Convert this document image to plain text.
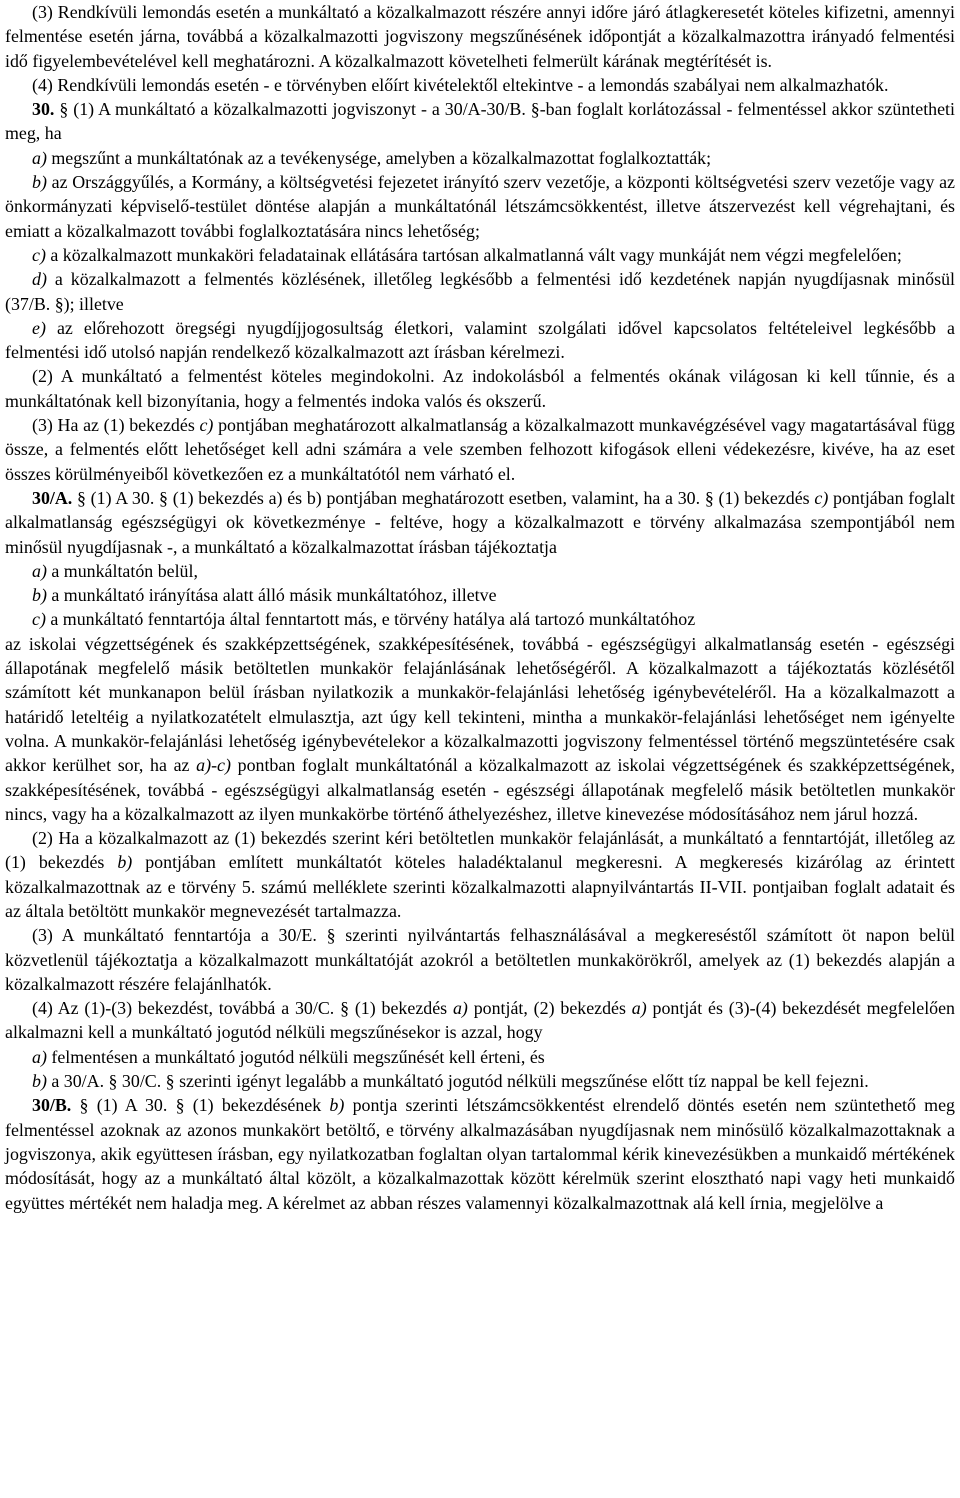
(3) Rendkívüli lemondás esetén a munkáltató a közalkalmazott részére annyi időre járó átlagkeresetét köteles kifizetni, amennyi felmentése esetén járna, továbbá a közalkalmazotti jogviszony megszűnésének időpontját a közalkalmazottra irányadó felmentési idő figyelembevételével kell meghatározni. A közalkalmazott követelheti felmerült kárának megtérítését is.

(4) Rendkívüli lemondás esetén - e törvényben előírt kivételektől eltekintve - a lemondás szabályai nem alkalmazhatók.

30. § (1) A munkáltató a közalkalmazotti jogviszonyt - a 30/A-30/B. §-ban foglalt korlátozással - felmentéssel akkor szüntetheti meg, ha

a) megszűnt a munkáltatónak az a tevékenysége, amelyben a közalkalmazottat foglalkoztatták;

b) az Országgyűlés, a Kormány, a költségvetési fejezetet irányító szerv vezetője, a központi költségvetési szerv vezetője vagy az önkormányzati képviselő-testület döntése alapján a munkáltatónál létszámcsökkentést, illetve átszervezést kell végrehajtani, és emiatt a közalkalmazott további foglalkoztatására nincs lehetőség;

c) a közalkalmazott munkaköri feladatainak ellátására tartósan alkalmatlanná vált vagy munkáját nem végzi megfelelően;

d) a közalkalmazott a felmentés közlésének, illetőleg legkésőbb a felmentési idő kezdetének napján nyugdíjasnak minősül (37/B. §); illetve

e) az előrehozott öregségi nyugdíjjogosultság életkori, valamint szolgálati idővel kapcsolatos feltételeivel legkésőbb a felmentési idő utolsó napján rendelkező közalkalmazott azt írásban kérelmezi.

(2) A munkáltató a felmentést köteles megindokolni. Az indokolásból a felmentés okának világosan ki kell tűnnie, és a munkáltatónak kell bizonyítania, hogy a felmentés indoka valós és okszerű.

(3) Ha az (1) bekezdés c) pontjában meghatározott alkalmatlanság a közalkalmazott munkavégzésével vagy magatartásával függ össze, a felmentés előtt lehetőséget kell adni számára a vele szemben felhozott kifogások elleni védekezésre, kivéve, ha az eset összes körülményeiből következően ez a munkáltatótól nem várható el.

30/A. § (1) A 30. § (1) bekezdés a) és b) pontjában meghatározott esetben, valamint, ha a 30. § (1) bekezdés c) pontjában foglalt alkalmatlanság egészségügyi ok következménye - feltéve, hogy a közalkalmazott e törvény alkalmazása szempontjából nem minősül nyugdíjasnak -, a munkáltató a közalkalmazottat írásban tájékoztatja

a) a munkáltatón belül,

b) a munkáltató irányítása alatt álló másik munkáltatóhoz, illetve

c) a munkáltató fenntartója által fenntartott más, e törvény hatálya alá tartozó munkáltatóhoz

az iskolai végzettségének és szakképzettségének, szakképesítésének, továbbá - egészségügyi alkalmatlanság esetén - egészségi állapotának megfelelő másik betöltetlen munkakör felajánlásának lehetőségéről. A közalkalmazott a tájékoztatás közlésétől számított két munkanapon belül írásban nyilatkozik a munkakör-felajánlási lehetőség igénybevételéről. Ha a közalkalmazott a határidő leteltéig a nyilatkozatételt elmulasztja, azt úgy kell tekinteni, mintha a munkakör-felajánlási lehetőséget nem igényelte volna. A munkakör-felajánlási lehetőség igénybevételekor a közalkalmazotti jogviszony felmentéssel történő megszüntetésére csak akkor kerülhet sor, ha az a)-c) pontban foglalt munkáltatónál a közalkalmazott az iskolai végzettségének és szakképzettségének, szakképesítésének, továbbá - egészségügyi alkalmatlanság esetén - egészségi állapotának megfelelő másik betöltetlen munkakör nincs, vagy ha a közalkalmazott az ilyen munkakörbe történő áthelyezéshez, illetve kinevezése módosításához nem járul hozzá.

(2) Ha a közalkalmazott az (1) bekezdés szerint kéri betöltetlen munkakör felajánlását, a munkáltató a fenntartóját, illetőleg az (1) bekezdés b) pontjában említett munkáltatót köteles haladéktalanul megkeresni. A megkeresés kizárólag az érintett közalkalmazottnak az e törvény 5. számú melléklete szerinti közalkalmazotti alapnyilvántartás II-VII. pontjaiban foglalt adatait és az általa betöltött munkakör megnevezését tartalmazza.

(3) A munkáltató fenntartója a 30/E. § szerinti nyilvántartás felhasználásával a megkereséstől számított öt napon belül közvetlenül tájékoztatja a közalkalmazott munkáltatóját azokról a betöltetlen munkakörökről, amelyek az (1) bekezdés alapján a közalkalmazott részére felajánlhatók.

(4) Az (1)-(3) bekezdést, továbbá a 30/C. § (1) bekezdés a) pontját, (2) bekezdés a) pontját és (3)-(4) bekezdését megfelelően alkalmazni kell a munkáltató jogutód nélküli megszűnésekor is azzal, hogy

a) felmentésen a munkáltató jogutód nélküli megszűnését kell érteni, és

b) a 30/A. § 30/C. § szerinti igényt legalább a munkáltató jogutód nélküli megszűnése előtt tíz nappal be kell fejezni.

30/B. § (1) A 30. § (1) bekezdésének b) pontja szerinti létszámcsökkentést elrendelő döntés esetén nem szüntethető meg felmentéssel azoknak az azonos munkakört betöltő, e törvény alkalmazásában nyugdíjasnak nem minősülő közalkalmazottaknak a jogviszonya, akik együttesen írásban, egy nyilatkozatban foglaltan olyan tartalommal kérik kinevezésükben a munkaidő mértékének módosítását, hogy az a munkáltató által közölt, a közalkalmazottak között kérelmük szerint elosztható napi vagy heti munkaidő együttes mértékét nem haladja meg. A kérelmet az abban részes valamennyi közalkalmazottnak alá kell írnia, megjelölve a
